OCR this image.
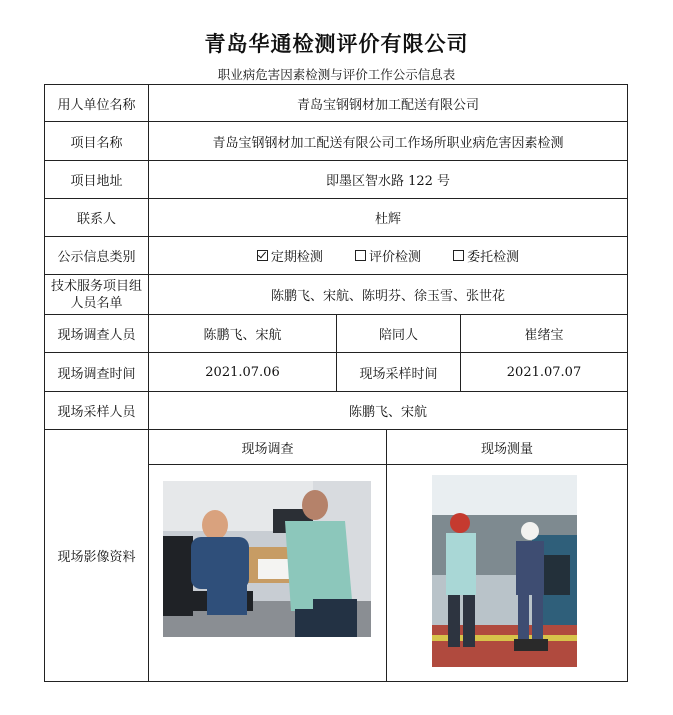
青岛华通检测评价有限公司
职业病危害因素检测与评价工作公示信息表
用人单位名称	青岛宝钢钢材加工配送有限公司			
项目名称	青岛宝钢钢材加工配送有限公司工作场所职业病危害因素检测			
项目地址	即墨区智水路 122 号			
联系人	杜辉			
公示信息类别	定期检测 评价检测 委托检测			
技术服务项目组人员名单	陈鹏飞、宋航、陈明芬、徐玉雪、张世花			
现场调查人员	陈鹏飞、宋航	陪同人		崔绪宝
现场调查时间	2021.07.06	现场采样时间		2021.07.07
现场采样人员	陈鹏飞、宋航			
现场影像资料	现场调查		现场测量	
